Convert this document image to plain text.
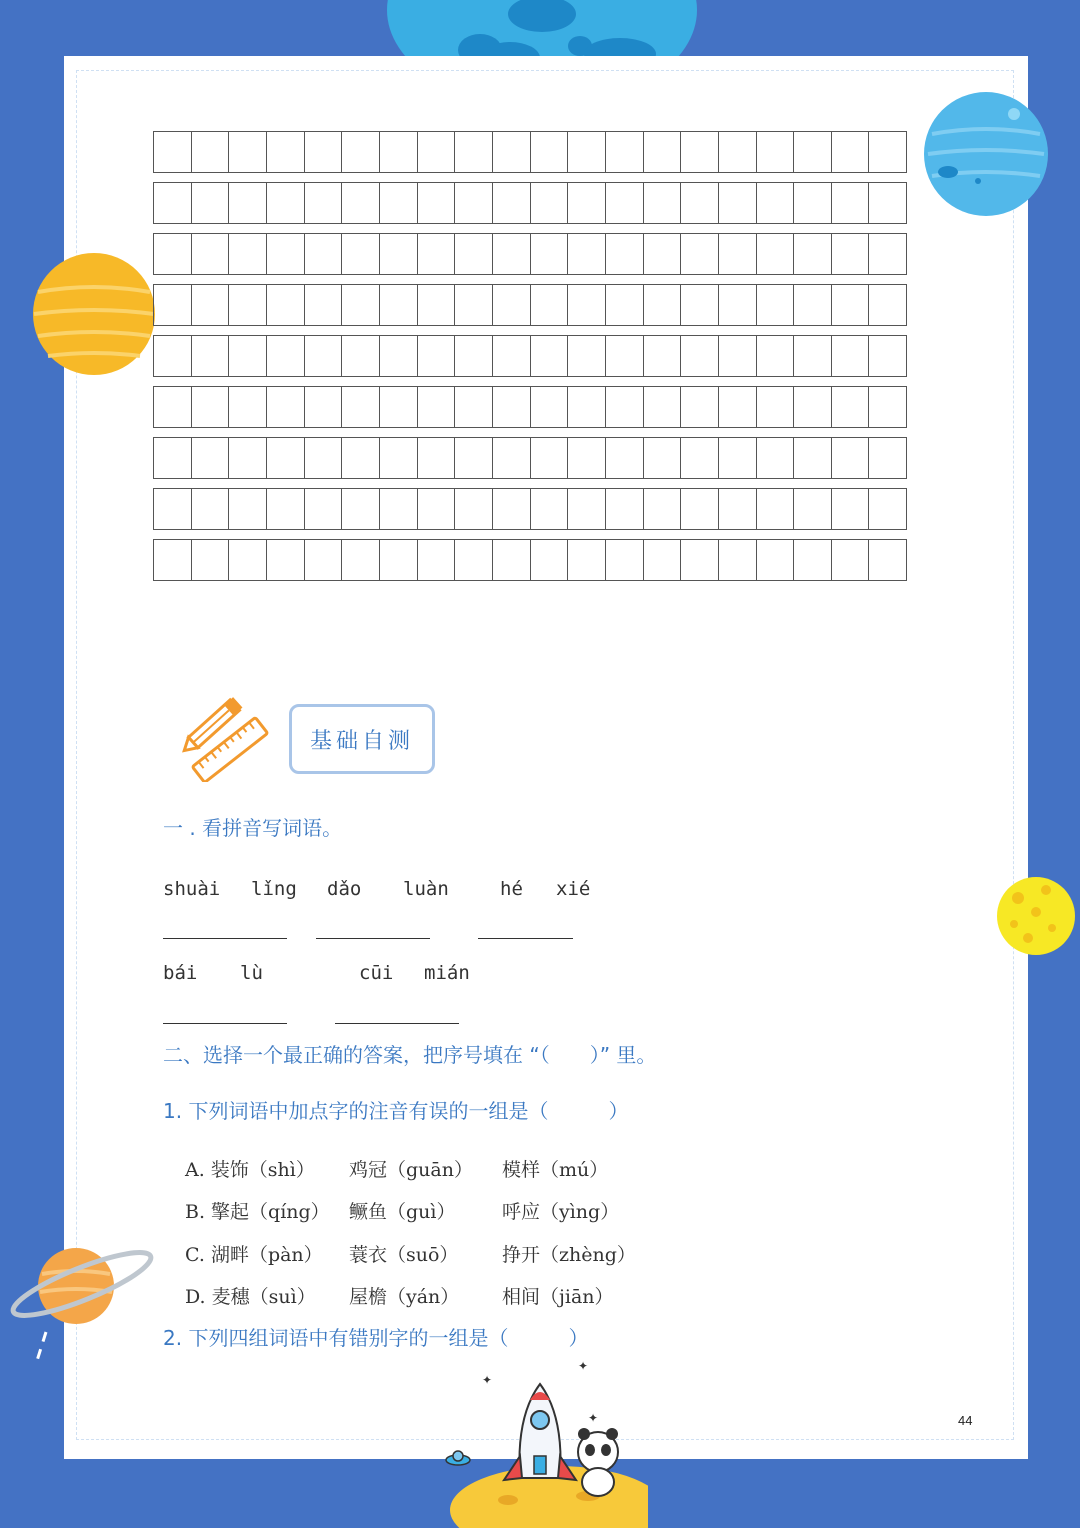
基础自测
一 . 看拼音写词语。
shuài lǐng dǎo luàn	hé xié
bái lù	cūi mián
二、选择一个最正确的答案，把序号填在 “（　　）” 里。
1. 下列词语中加点字的注音有误的一组是（　　　）
A. 装饰（shì） 鸡冠（guān） 模样（mú）
B. 擎起（qíng） 鳜鱼（guì） 呼应（yìng）
C. 湖畔（pàn） 蓑衣（suō） 挣开（zhèng）
D. 麦穗（suì） 屋檐（yán） 相间（jiān）
2. 下列四组词语中有错别字的一组是（　　　）
✦
✦
✦	44
